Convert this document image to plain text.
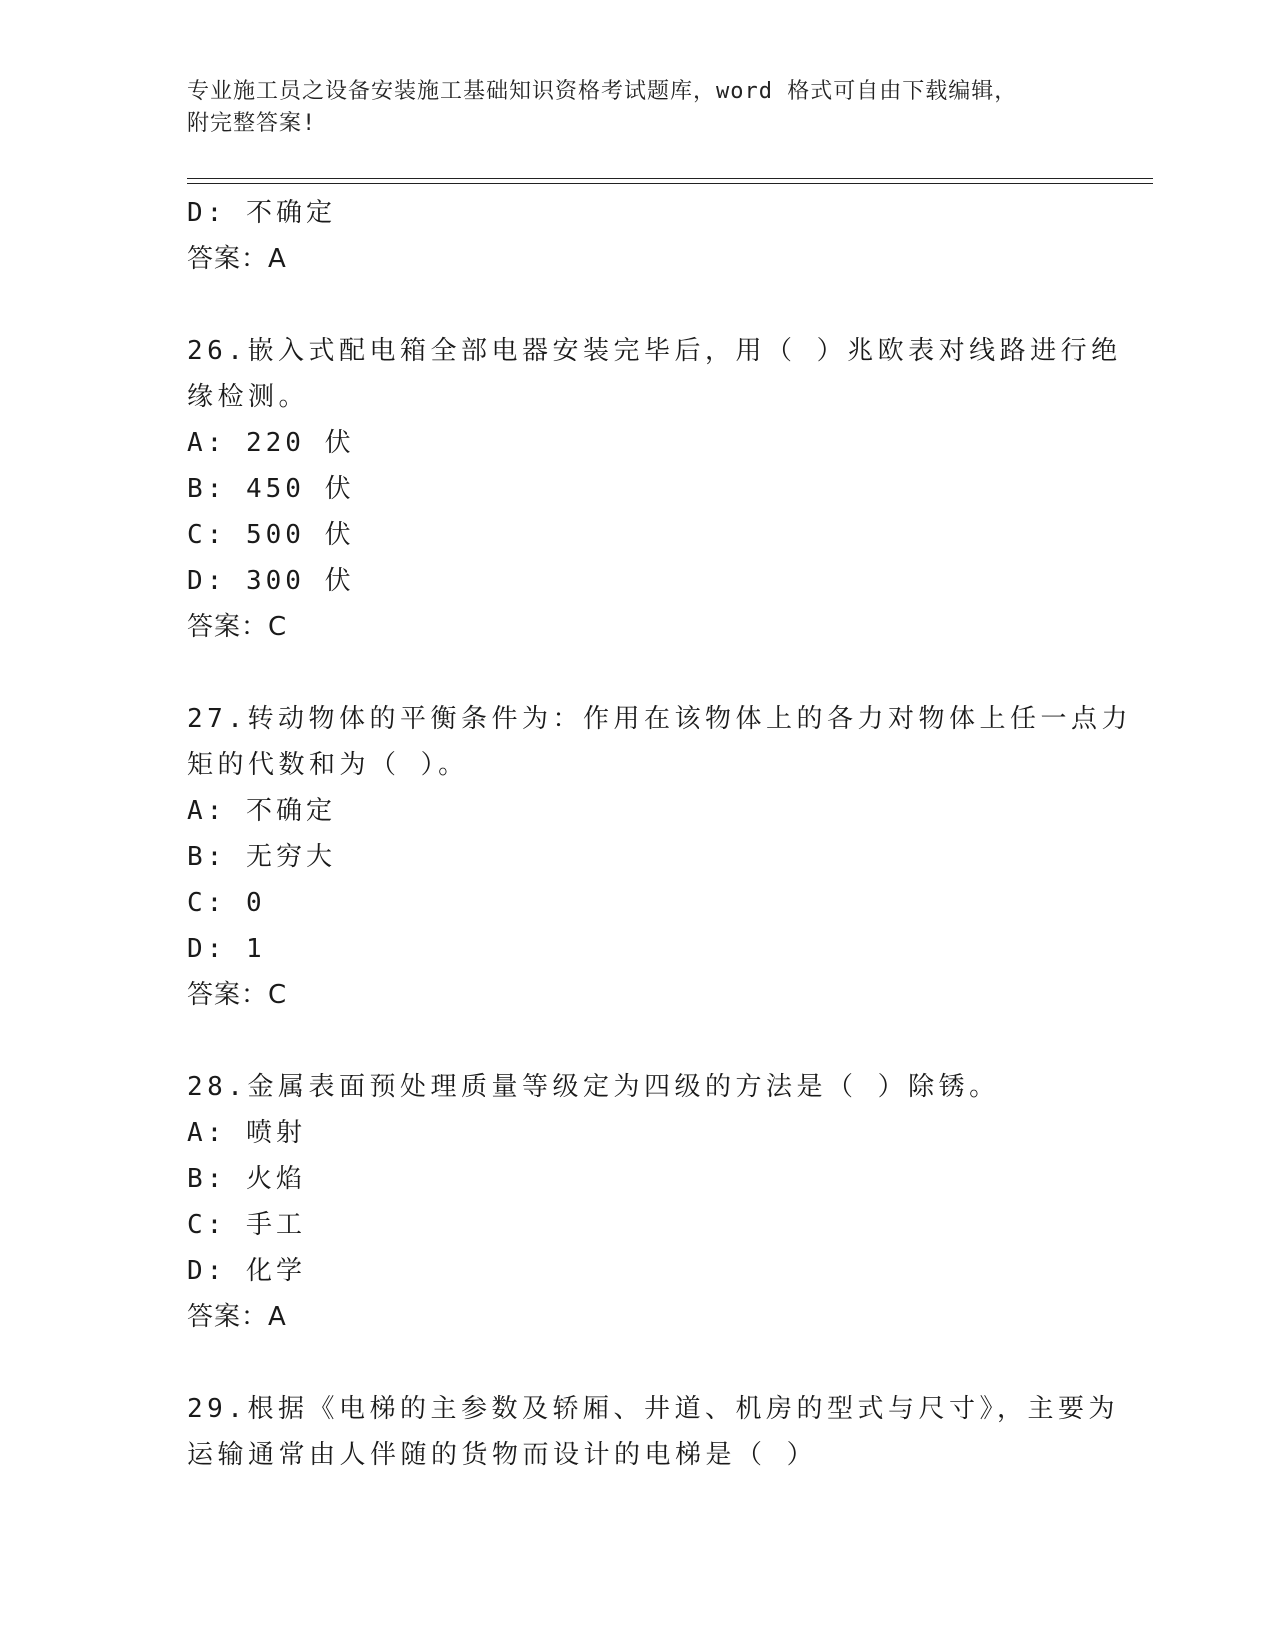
专业施工员之设备安装施工基础知识资格考试题库，word 格式可自由下载编辑，
附完整答案!
D: 不确定
答案：A
26.嵌入式配电箱全部电器安装完毕后，用（ ）兆欧表对线路进行绝
缘检测。
A: 220 伏
B: 450 伏
C: 500 伏
D: 300 伏
答案：C
27.转动物体的平衡条件为：作用在该物体上的各力对物体上任一点力
矩的代数和为（ ）。
A: 不确定
B: 无穷大
C: 0
D: 1
答案：C
28.金属表面预处理质量等级定为四级的方法是（ ）除锈。
A: 喷射
B: 火焰
C: 手工
D: 化学
答案：A
29.根据《电梯的主参数及轿厢、井道、机房的型式与尺寸》，主要为
运输通常由人伴随的货物而设计的电梯是（ ）
